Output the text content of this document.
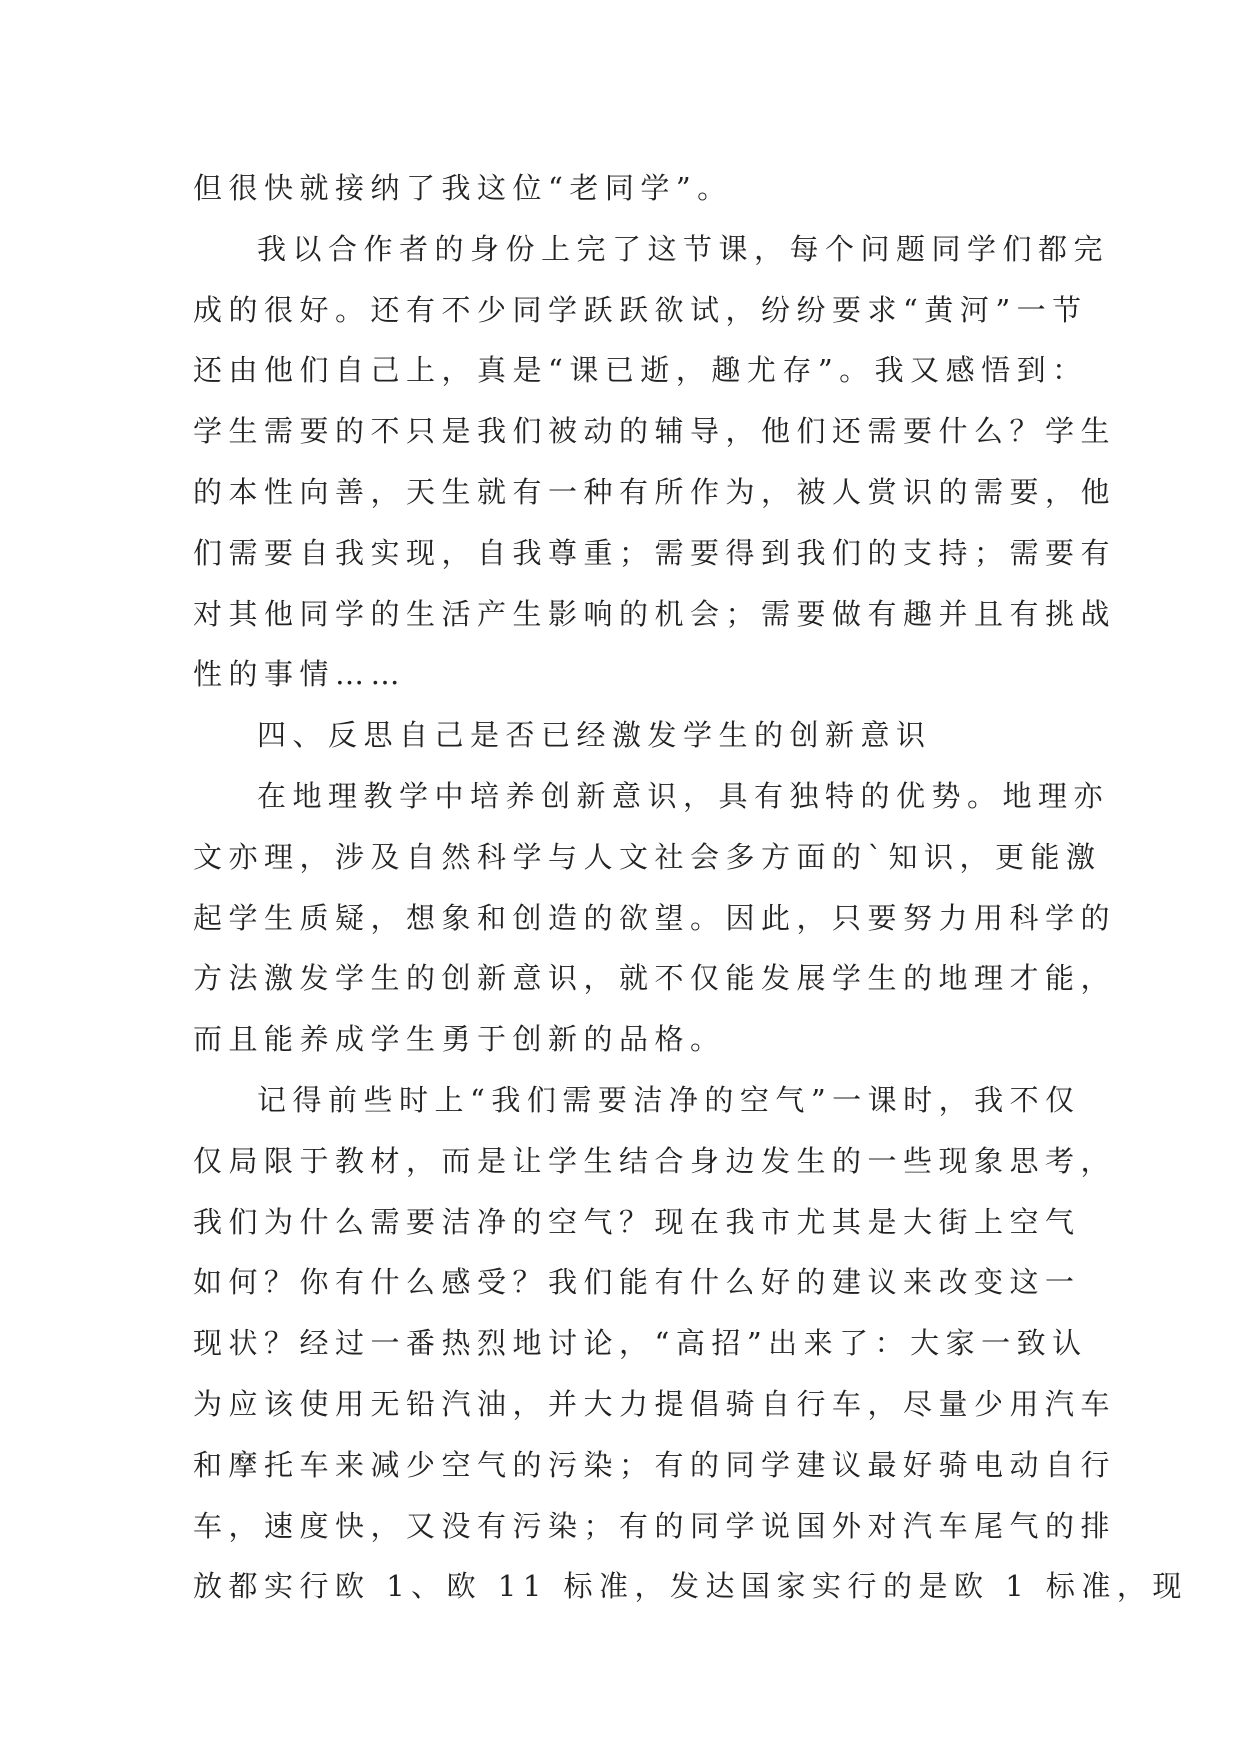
但很快就接纳了我这位“老同学”。
我以合作者的身份上完了这节课，每个问题同学们都完
成的很好。还有不少同学跃跃欲试，纷纷要求“黄河”一节
还由他们自己上，真是“课已逝，趣尤存”。我又感悟到：
学生需要的不只是我们被动的辅导，他们还需要什么？学生
的本性向善，天生就有一种有所作为，被人赏识的需要，他
们需要自我实现，自我尊重；需要得到我们的支持；需要有
对其他同学的生活产生影响的机会；需要做有趣并且有挑战
性的事情……
四、反思自己是否已经激发学生的创新意识
在地理教学中培养创新意识，具有独特的优势。地理亦
文亦理，涉及自然科学与人文社会多方面的`知识，更能激
起学生质疑，想象和创造的欲望。因此，只要努力用科学的
方法激发学生的创新意识，就不仅能发展学生的地理才能，
而且能养成学生勇于创新的品格。
记得前些时上“我们需要洁净的空气”一课时，我不仅
仅局限于教材，而是让学生结合身边发生的一些现象思考，
我们为什么需要洁净的空气？现在我市尤其是大街上空气
如何？你有什么感受？我们能有什么好的建议来改变这一
现状？经过一番热烈地讨论，“高招”出来了：大家一致认
为应该使用无铅汽油，并大力提倡骑自行车，尽量少用汽车
和摩托车来减少空气的污染；有的同学建议最好骑电动自行
车，速度快，又没有污染；有的同学说国外对汽车尾气的排
放都实行欧 1、欧 11 标准，发达国家实行的是欧 1 标准，现
